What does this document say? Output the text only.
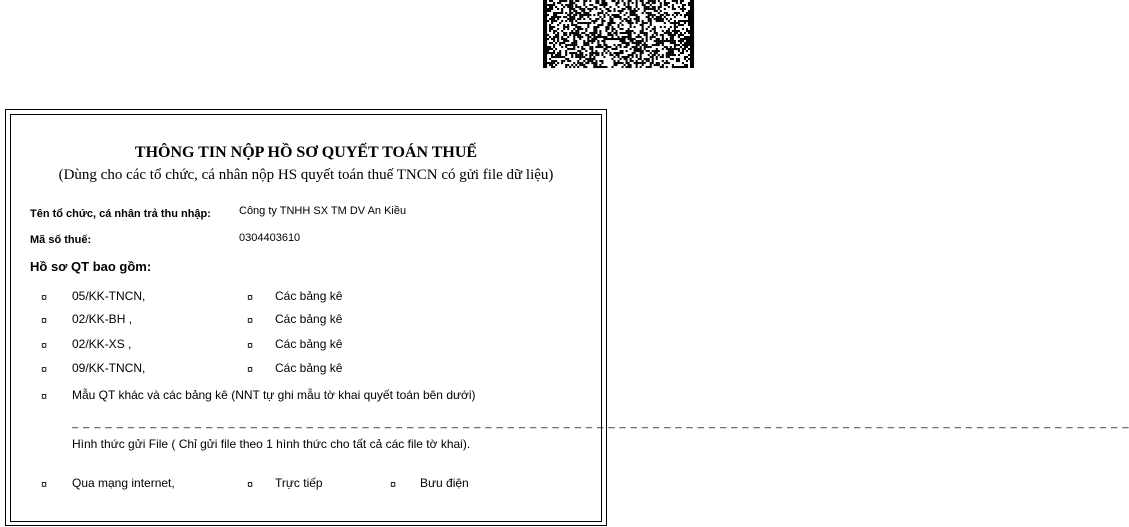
THÔNG TIN NỘP HỒ SƠ QUYẾT TOÁN THUẾ
(Dùng cho các tổ chức, cá nhân nộp HS quyết toán thuế TNCN có gửi file dữ liệu)
Tên tổ chức, cá nhân trả thu nhập:	Công ty TNHH SX TM DV An Kiều
Mã số thuế:	0304403610
Hồ sơ QT bao gồm:
¤ 05/KK-TNCN,	¤ Các bảng kê
¤ 02/KK-BH ,	¤ Các bảng kê
¤ 02/KK-XS ,	¤ Các bảng kê
¤ 09/KK-TNCN,	¤ Các bảng kê
¤ Mẫu QT khác và các bảng kê (NNT tự ghi mẫu tờ khai quyết toán bên dưới)
_ _ _ _ _ _ _ _ _ _ _ _ _ _ _ _ _ _ _ _ _ _ _ _ _ _ _ _ _ _ _ _ _ _ _ _ _ _ _ _ _ _ _ _ _ _ _ _ _ _ _ _ _ _ _ _ _ _ _ _ _ _ _ _ _ _ _ _ _ _ _ _ _ _ _ _ _ _ _ _ _ _ _ _ _ _ _ _ _ _ _ _ _ _ _
Hình thức gửi File ( Chỉ gửi file theo 1 hình thức cho tất cả các file tờ khai).
¤ Qua mạng internet,	¤ Trực tiếp	¤ Bưu điện
